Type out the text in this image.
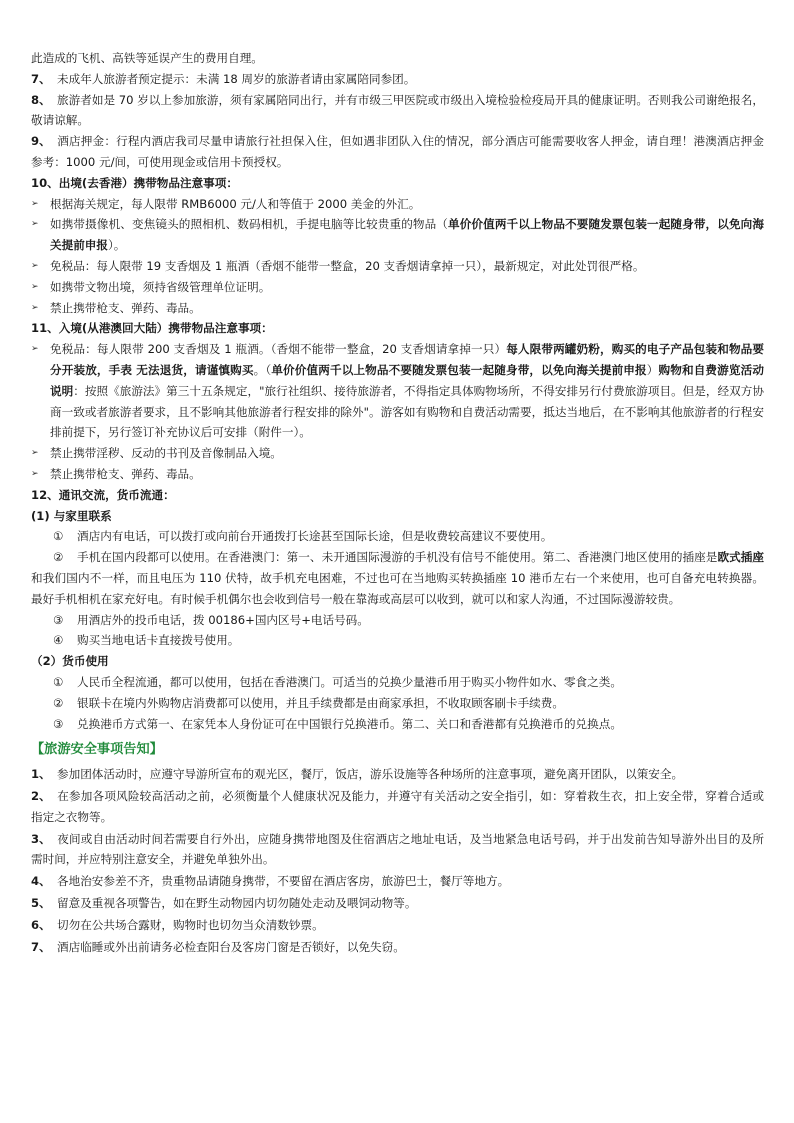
此造成的飞机、高铁等延误产生的费用自理。

7、 未成年人旅游者预定提示：未满 18 周岁的旅游者请由家属陪同参团。

8、 旅游者如是 70 岁以上参加旅游，须有家属陪同出行，并有市级三甲医院或市级出入境检验检疫局开具的健康证明。否则我公司谢绝报名，敬请谅解。

9、 酒店押金：行程内酒店我司尽量申请旅行社担保入住，但如遇非团队入住的情况，部分酒店可能需要收客人押金，请自理！港澳酒店押金参考：1000 元/间，可使用现金或信用卡预授权。

10、出境(去香港）携带物品注意事项：

➢ 根据海关规定，每人限带 RMB6000 元/人和等值于 2000 美金的外汇。
➢ 如携带摄像机、变焦镜头的照相机、数码相机，手提电脑等比较贵重的物品（单价价值两千以上物品不要随发票包装一起随身带，以免向海关提前申报）。
➢ 免税品：每人限带 19 支香烟及 1 瓶酒（香烟不能带一整盒，20 支香烟请拿掉一只），最新规定，对此处罚很严格。
➢ 如携带文物出境，须持省级管理单位证明。
➢ 禁止携带枪支、弹药、毒品。

11、入境(从港澳回大陆）携带物品注意事项：

➢ 免税品：每人限带 200 支香烟及 1 瓶酒。（香烟不能带一整盒，20 支香烟请拿掉一只）每人限带两罐奶粉，购买的电子产品包装和物品要分开装放，手表 无法退货，请谨慎购买。（单价价值两千以上物品不要随发票包装一起随身带，以免向海关提前申报）购物和自费游览活动说明：按照《旅游法》第三十五条规定，"旅行社组织、接待旅游者，不得指定具体购物场所，不得安排另行付费旅游项目。但是，经双方协商一致或者旅游者要求，且不影响其他旅游者行程安排的除外"。游客如有购物和自费活动需要，抵达当地后，在不影响其他旅游者的行程安排前提下，另行签订补充协议后可安排（附件一）。
➢ 禁止携带淫秽、反动的书刊及音像制品入境。
➢ 禁止携带枪支、弹药、毒品。

12、通讯交流，货币流通：

(1) 与家里联系

① 酒店内有电话，可以拨打或向前台开通拨打长途甚至国际长途，但是收费较高建议不要使用。

② 手机在国内段都可以使用。在香港澳门：第一、未开通国际漫游的手机没有信号不能使用。第二、香港澳门地区使用的插座是欧式插座和我们国内不一样，而且电压为 110 伏特，故手机充电困难，不过也可在当地购买转换插座 10 港币左右一个来使用，也可自备充电转换器。最好手机相机在家充好电。有时候手机偶尔也会收到信号一般在靠海或高层可以收到，就可以和家人沟通，不过国际漫游较贵。

③ 用酒店外的投币电话，拨 00186+国内区号+电话号码。

④ 购买当地电话卡直接拨号使用。

（2）货币使用

① 人民币全程流通，都可以使用，包括在香港澳门。可适当的兑换少量港币用于购买小物件如水、零食之类。

② 银联卡在境内外购物店消费都可以使用，并且手续费都是由商家承担，不收取顾客刷卡手续费。

③ 兑换港币方式第一、在家凭本人身份证可在中国银行兑换港币。第二、关口和香港都有兑换港币的兑换点。

【旅游安全事项告知】

1、 参加团体活动时，应遵守导游所宣布的观光区，餐厅，饭店，游乐设施等各种场所的注意事项，避免离开团队，以策安全。

2、 在参加各项风险较高活动之前，必须衡量个人健康状况及能力，并遵守有关活动之安全指引，如：穿着救生衣，扣上安全带，穿着合适或指定之衣物等。

3、 夜间或自由活动时间若需要自行外出，应随身携带地图及住宿酒店之地址电话，及当地紧急电话号码，并于出发前告知导游外出目的及所需时间，并应特别注意安全，并避免单独外出。

4、 各地治安参差不齐，贵重物品请随身携带，不要留在酒店客房，旅游巴士，餐厅等地方。

5、 留意及重视各项警告，如在野生动物园内切勿随处走动及喂饲动物等。

6、 切勿在公共场合露财，购物时也切勿当众清数钞票。

7、 酒店临睡或外出前请务必检查阳台及客房门窗是否锁好，以免失窃。
